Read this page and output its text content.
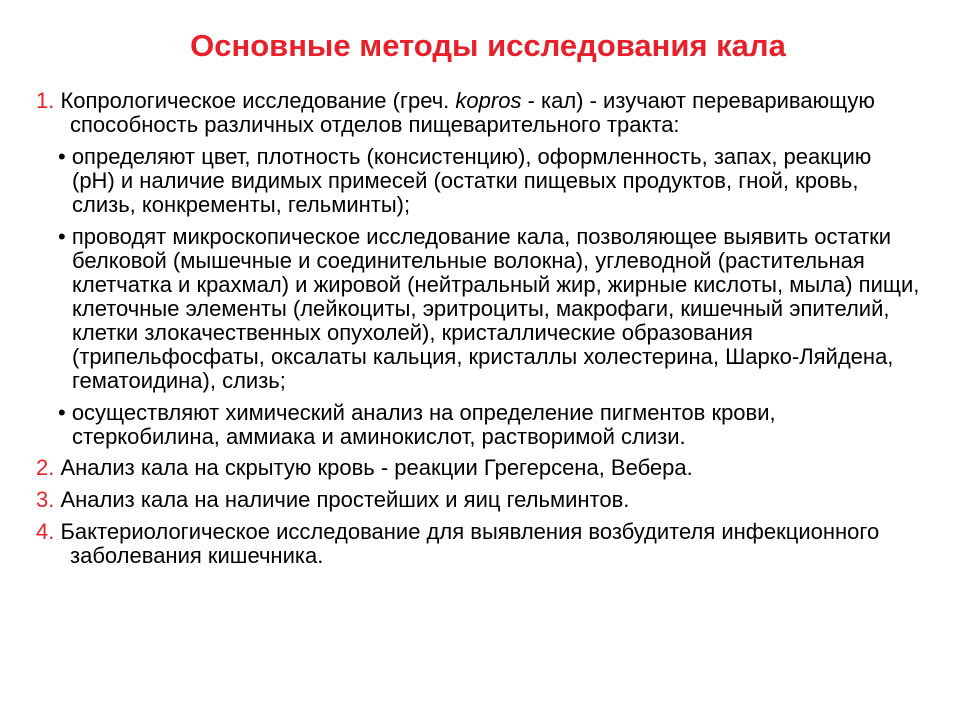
Основные методы исследования кала

1. Копрологическое исследование (греч. kopros - кал) - изучают переваривающую способность различных отделов пищеварительного тракта:

• определяют цвет, плотность (консистенцию), оформленность, запах, реакцию (рН) и наличие видимых примесей (остатки пищевых продуктов, гной, кровь, слизь, конкременты, гельминты);

• проводят микроскопическое исследование кала, позволяющее выявить остатки белковой (мышечные и соединительные волокна), углеводной (растительная клетчатка и крахмал) и жировой (нейтральный жир, жирные кислоты, мыла) пищи, клеточные элементы (лейкоциты, эритроциты, макрофаги, кишечный эпителий, клетки злокачественных опухолей), кристаллические образования (трипельфосфаты, оксалаты кальция, кристаллы холестерина, Шарко-Ляйдена, гематоидина), слизь;

• осуществляют химический анализ на определение пигментов крови, стеркобилина, аммиака и аминокислот, растворимой слизи.

2. Анализ кала на скрытую кровь - реакции Грегерсена, Вебера.

3. Анализ кала на наличие простейших и яиц гельминтов.

4. Бактериологическое исследование для выявления возбудителя инфекционного заболевания кишечника.
